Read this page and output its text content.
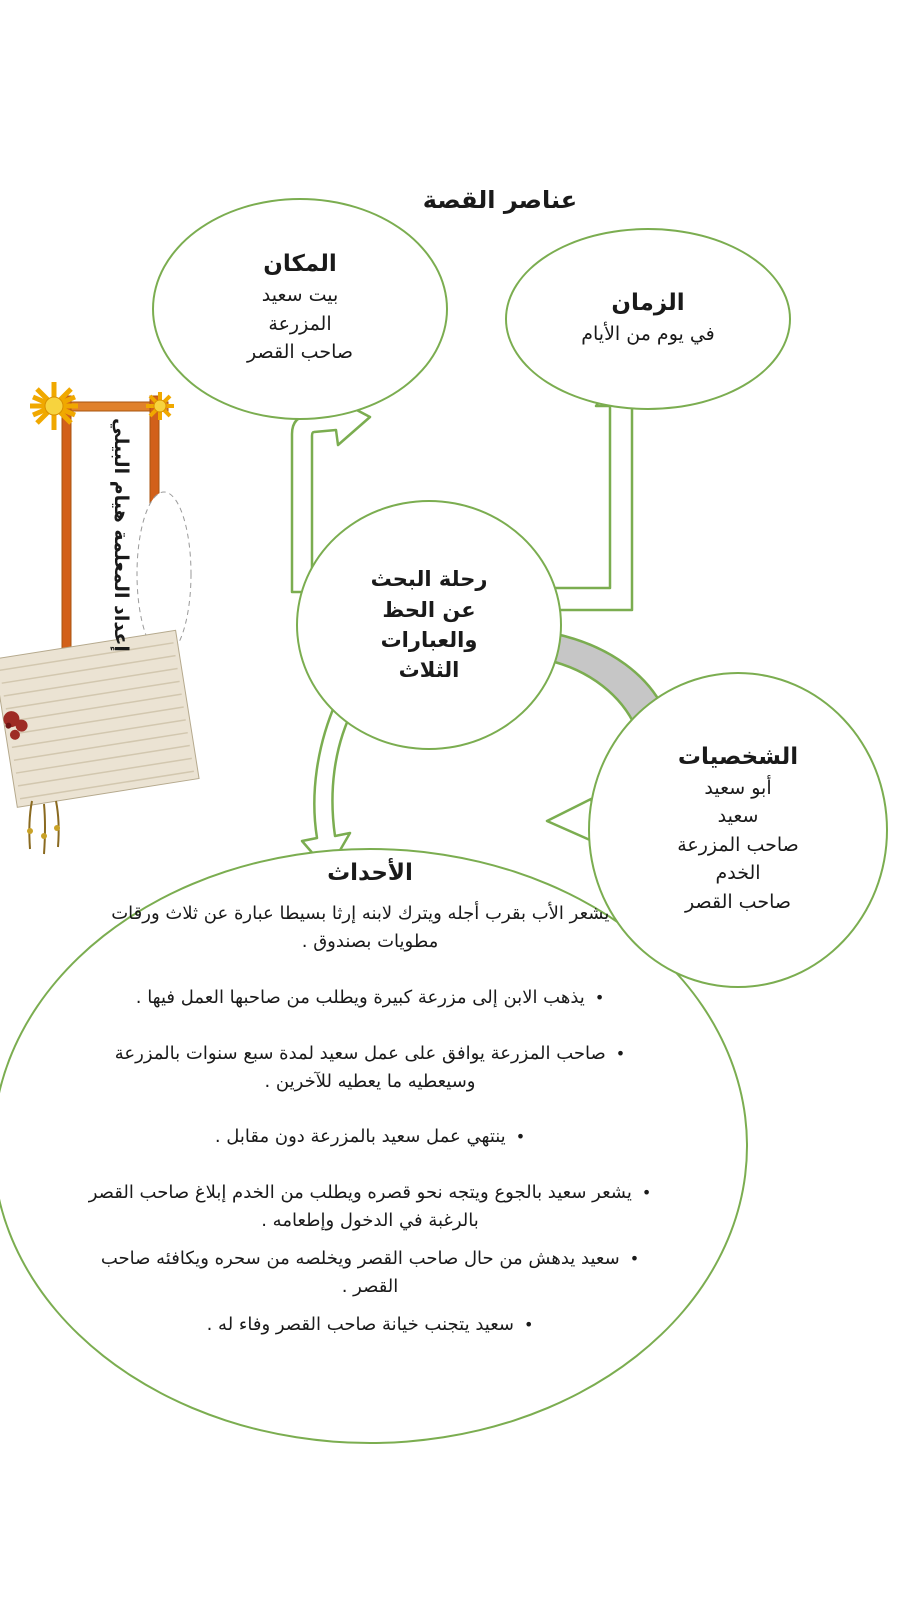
عناصر القصة
المكان
بيت سعيد
المزرعة
صاحب القصر
الزمان
في يوم من الأيام
رحلة البحث
عن الحظ
والعبارات
الثلاث
الشخصيات
أبو سعيد
سعيد
صاحب المزرعة
الخدم
صاحب القصر
الأحداث
يشعر الأب بقرب أجله ويترك لابنه إرثا بسيطا عبارة عن ثلاث ورقات مطويات بصندوق .
•يذهب الابن إلى مزرعة كبيرة ويطلب من صاحبها العمل فيها .
•صاحب المزرعة يوافق على عمل سعيد لمدة سبع سنوات بالمزرعة وسيعطيه ما يعطيه للآخرين .
•ينتهي عمل سعيد بالمزرعة دون مقابل .
•يشعر سعيد بالجوع ويتجه نحو قصره ويطلب من الخدم إبلاغ صاحب القصر بالرغبة في الدخول وإطعامه .
•سعيد يدهش من حال صاحب القصر ويخلصه من سحره ويكافئه صاحب القصر .
•سعيد يتجنب خيانة صاحب القصر وفاء له .
إعداد المعلمة هيام البيلي
